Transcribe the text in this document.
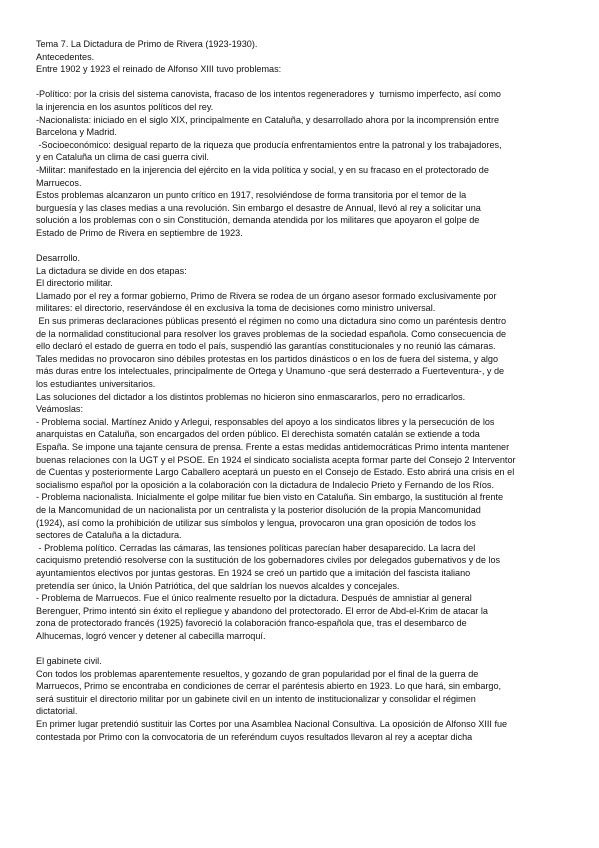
Tema 7. La Dictadura de Primo de Rivera (1923-1930).
Antecedentes.
Entre 1902 y 1923 el reinado de Alfonso XIII tuvo problemas:
-Político: por la crisis del sistema canovista, fracaso de los intentos regeneradores y  turnismo imperfecto, así como
la injerencia en los asuntos políticos del rey.
-Nacionalista: iniciado en el siglo XIX, principalmente en Cataluña, y desarrollado ahora por la incomprensión entre
Barcelona y Madrid.
-Socioeconómico: desigual reparto de la riqueza que producía enfrentamientos entre la patronal y los trabajadores,
y en Cataluña un clima de casi guerra civil.
-Militar: manifestado en la injerencia del ejército en la vida política y social, y en su fracaso en el protectorado de
Marruecos.
Estos problemas alcanzaron un punto crítico en 1917, resolviéndose de forma transitoria por el temor de la
burguesía y las clases medias a una revolución. Sin embargo el desastre de Annual, llevó al rey a solicitar una
solución a los problemas con o sin Constitución, demanda atendida por los militares que apoyaron el golpe de
Estado de Primo de Rivera en septiembre de 1923.
Desarrollo.
La dictadura se divide en dos etapas:
El directorio militar.
Llamado por el rey a formar gobierno, Primo de Rivera se rodea de un órgano asesor formado exclusivamente por
militares: el directorio, reservándose él en exclusiva la toma de decisiones como ministro universal.
En sus primeras declaraciones públicas presentó el régimen no como una dictadura sino como un paréntesis dentro
de la normalidad constitucional para resolver los graves problemas de la sociedad española. Como consecuencia de
ello declaró el estado de guerra en todo el país, suspendió las garantías constitucionales y no reunió las cámaras.
Tales medidas no provocaron sino débiles protestas en los partidos dinásticos o en los de fuera del sistema, y algo
más duras entre los intelectuales, principalmente de Ortega y Unamuno -que será desterrado a Fuerteventura-, y de
los estudiantes universitarios.
Las soluciones del dictador a los distintos problemas no hicieron sino enmascararlos, pero no erradicarlos.
Veámoslas:
- Problema social. Martínez Anido y Arlegui, responsables del apoyo a los sindicatos libres y la persecución de los
anarquistas en Cataluña, son encargados del orden público. El derechista somatén catalán se extiende a toda
España. Se impone una tajante censura de prensa. Frente a estas medidas antidemocráticas Primo intenta mantener
buenas relaciones con la UGT y el PSOE. En 1924 el sindicato socialista acepta formar parte del Consejo 2 Interventor
de Cuentas y posteriormente Largo Caballero aceptará un puesto en el Consejo de Estado. Esto abrirá una crisis en el
socialismo español por la oposición a la colaboración con la dictadura de Indalecio Prieto y Fernando de los Ríos.
- Problema nacionalista. Inicialmente el golpe militar fue bien visto en Cataluña. Sin embargo, la sustitución al frente
de la Mancomunidad de un nacionalista por un centralista y la posterior disolución de la propia Mancomunidad
(1924), así como la prohibición de utilizar sus símbolos y lengua, provocaron una gran oposición de todos los
sectores de Cataluña a la dictadura.
- Problema político. Cerradas las cámaras, las tensiones políticas parecían haber desaparecido. La lacra del
caciquismo pretendió resolverse con la sustitución de los gobernadores civiles por delegados gubernativos y de los
ayuntamientos electivos por juntas gestoras. En 1924 se creó un partido que a imitación del fascista italiano
pretendía ser único, la Unión Patriótica, del que saldrían los nuevos alcaldes y concejales.
- Problema de Marruecos. Fue el único realmente resuelto por la dictadura. Después de amnistiar al general
Berenguer, Primo intentó sin éxito el repliegue y abandono del protectorado. El error de Abd-el-Krim de atacar la
zona de protectorado francés (1925) favoreció la colaboración franco-española que, tras el desembarco de
Alhucemas, logró vencer y detener al cabecilla marroquí.
El gabinete civil.
Con todos los problemas aparentemente resueltos, y gozando de gran popularidad por el final de la guerra de
Marruecos, Primo se encontraba en condiciones de cerrar el paréntesis abierto en 1923. Lo que hará, sin embargo,
será sustituir el directorio militar por un gabinete civil en un intento de institucionalizar y consolidar el régimen
dictatorial.
En primer lugar pretendió sustituir las Cortes por una Asamblea Nacional Consultiva. La oposición de Alfonso XIII fue
contestada por Primo con la convocatoria de un referéndum cuyos resultados llevaron al rey a aceptar dicha
